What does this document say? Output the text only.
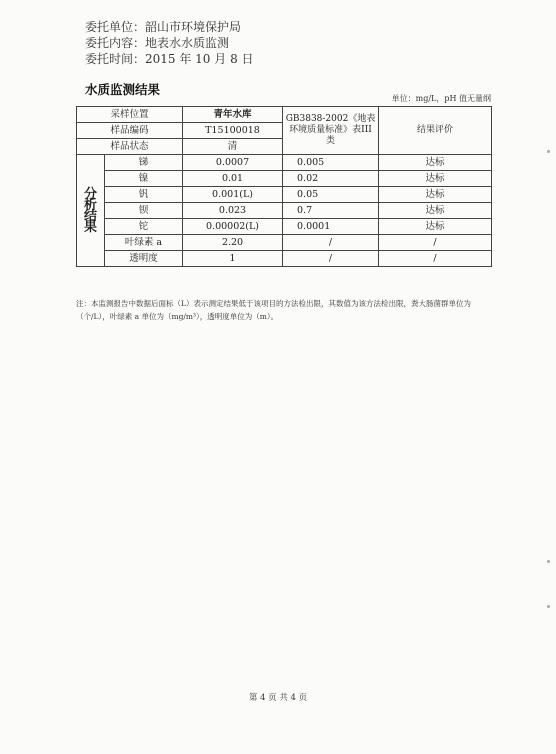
委托单位：韶山市环境保护局
委托内容：地表水水质监测
委托时间：2015 年 10 月 8 日
水质监测结果
单位：mg/L，pH 值无量纲
采样位置		青年水库	GB3838-2002《地表环境质量标准》表III类	结果评价
样品编码		T15100018		
样品状态		清		
分析结果	锑	0.0007	0.005	达标
	镍	0.01	0.02	达标
	钒	0.001(L)	0.05	达标
	钡	0.023	0.7	达标
	铊	0.00002(L)	0.0001	达标
	叶绿素 a	2.20	/	/
	透明度	1	/	/
注：本监测报告中数据后面标（L）表示测定结果低于该项目的方法检出限，其数值为该方法检出限，粪大肠菌群单位为（个/L），叶绿素 a 单位为（mg/m³），透明度单位为（m）。
第 4 页 共 4 页
